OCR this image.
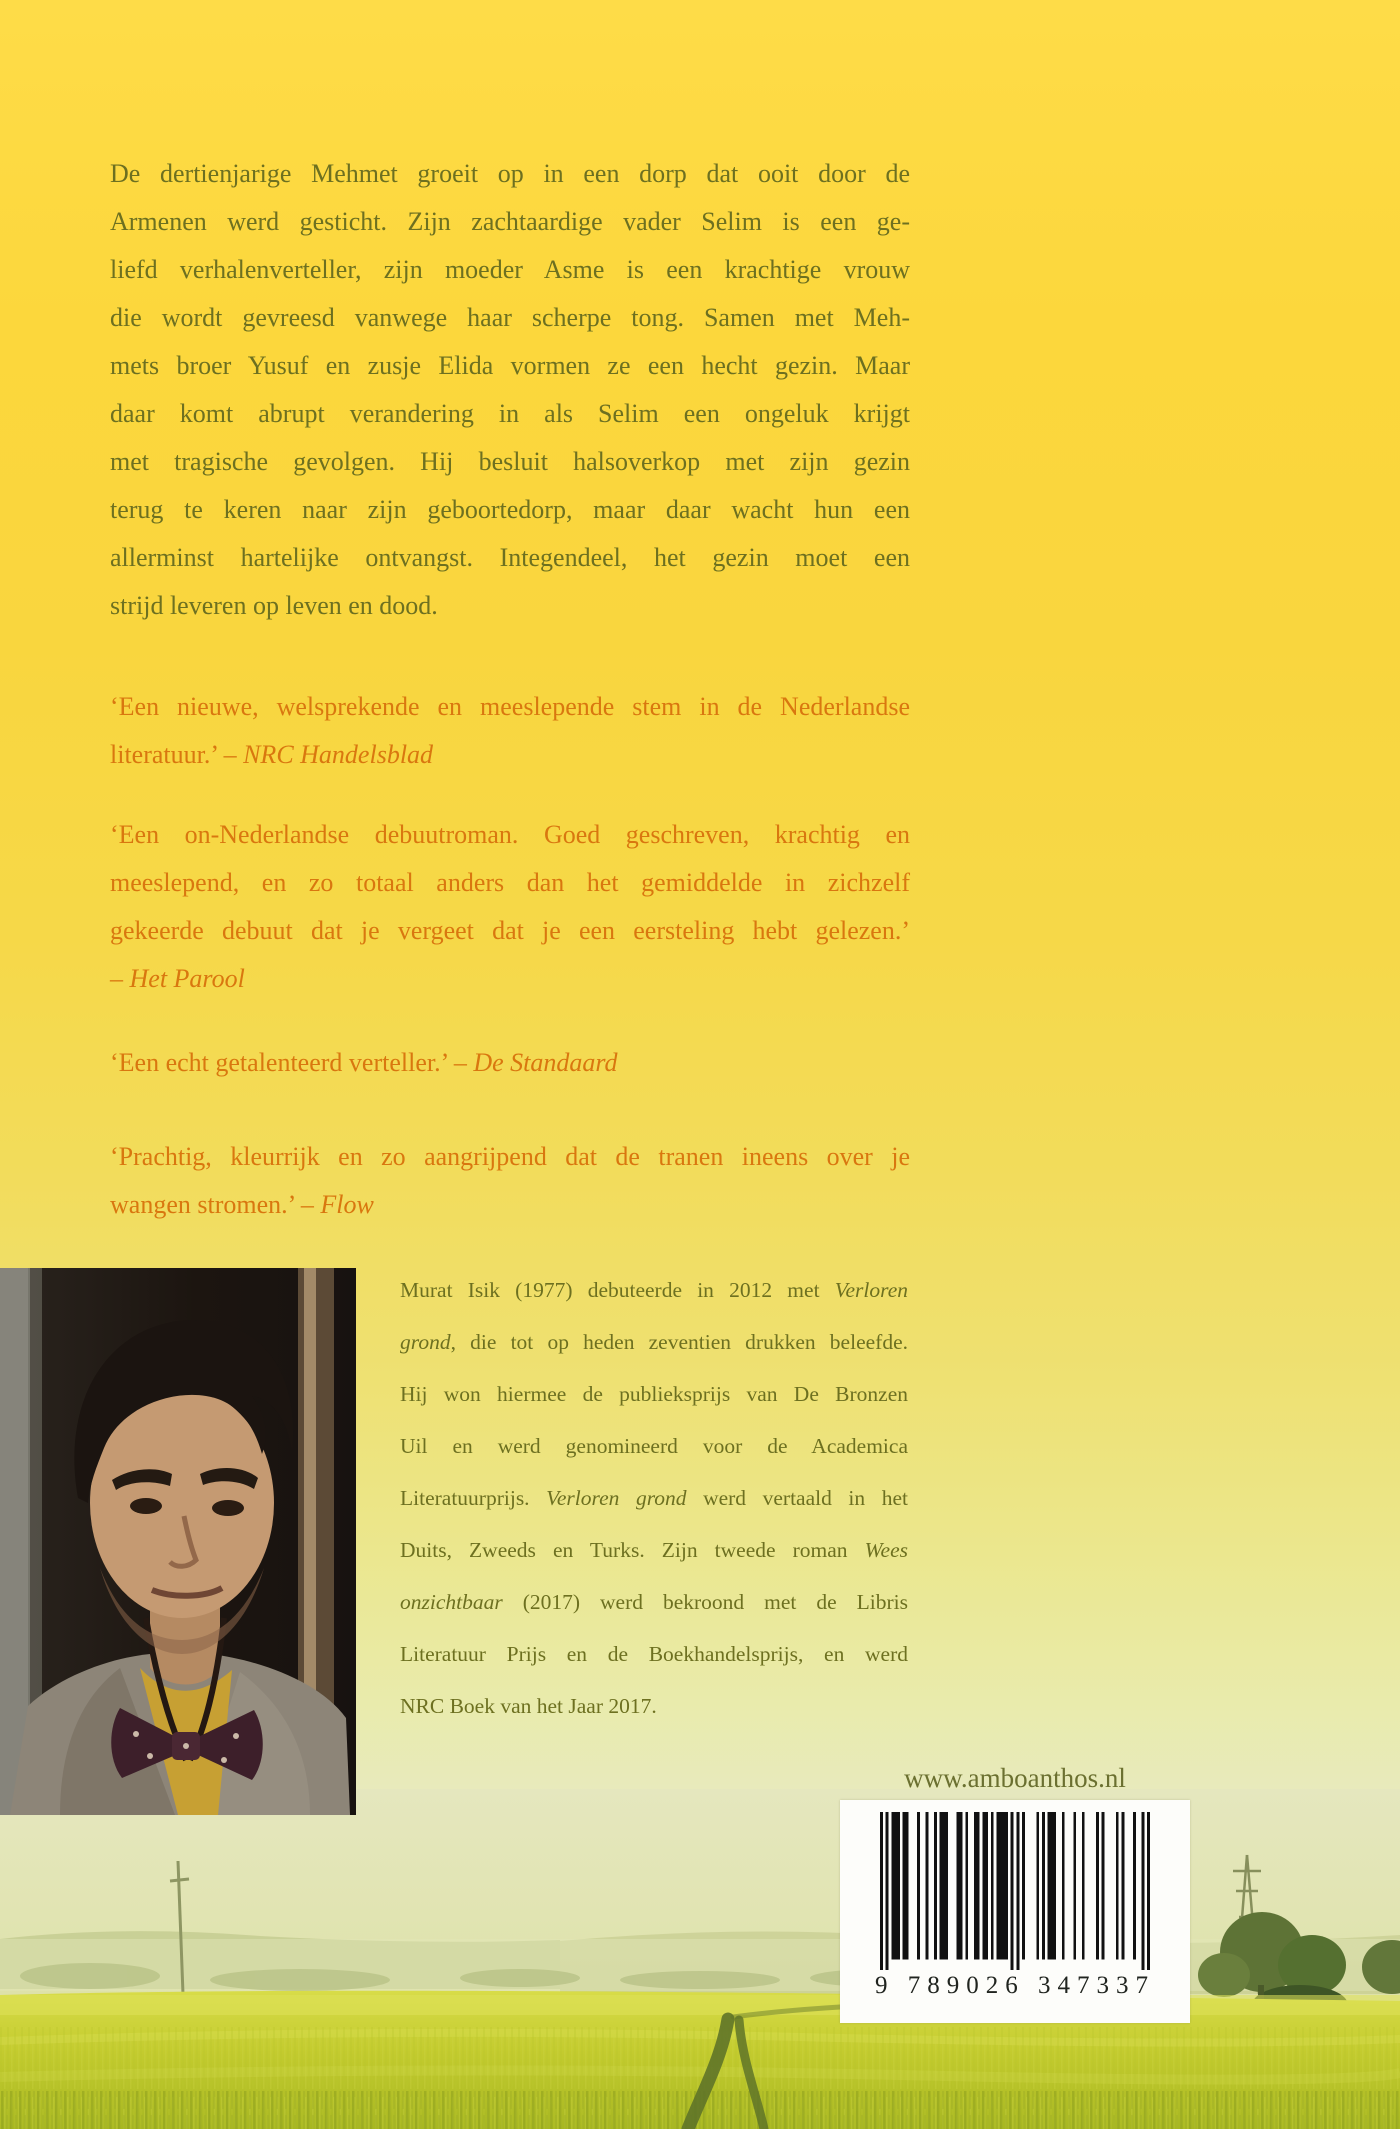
De dertienjarige Mehmet groeit op in een dorp dat ooit door de
Armenen werd gesticht. Zijn zachtaardige vader Selim is een ge-
liefd verhalenverteller, zijn moeder Asme is een krachtige vrouw
die wordt gevreesd vanwege haar scherpe tong. Samen met Meh-
mets broer Yusuf en zusje Elida vormen ze een hecht gezin. Maar
daar komt abrupt verandering in als Selim een ongeluk krijgt
met tragische gevolgen. Hij besluit halsoverkop met zijn gezin
terug te keren naar zijn geboortedorp, maar daar wacht hun een
allerminst hartelijke ontvangst. Integendeel, het gezin moet een
strijd leveren op leven en dood.
‘Een nieuwe, welsprekende en meeslepende stem in de Nederlandse
literatuur.’ – NRC Handelsblad
‘Een on-Nederlandse debuutroman. Goed geschreven, krachtig en
meeslepend, en zo totaal anders dan het gemiddelde in zichzelf
gekeerde debuut dat je vergeet dat je een eersteling hebt gelezen.’
– Het Parool
‘Een echt getalenteerd verteller.’ – De Standaard
‘Prachtig, kleurrijk en zo aangrijpend dat de tranen ineens over je
wangen stromen.’ – Flow
Murat Isik (1977) debuteerde in 2012 met Verloren
grond, die tot op heden zeventien drukken beleefde.
Hij won hiermee de publieksprijs van De Bronzen
Uil en werd genomineerd voor de Academica
Literatuurprijs. Verloren grond werd vertaald in het
Duits, Zweeds en Turks. Zijn tweede roman Wees
onzichtbaar (2017) werd bekroond met de Libris
Literatuur Prijs en de Boekhandelsprijs, en werd
NRC Boek van het Jaar 2017.
www.amboanthos.nl
9 789026 347337
